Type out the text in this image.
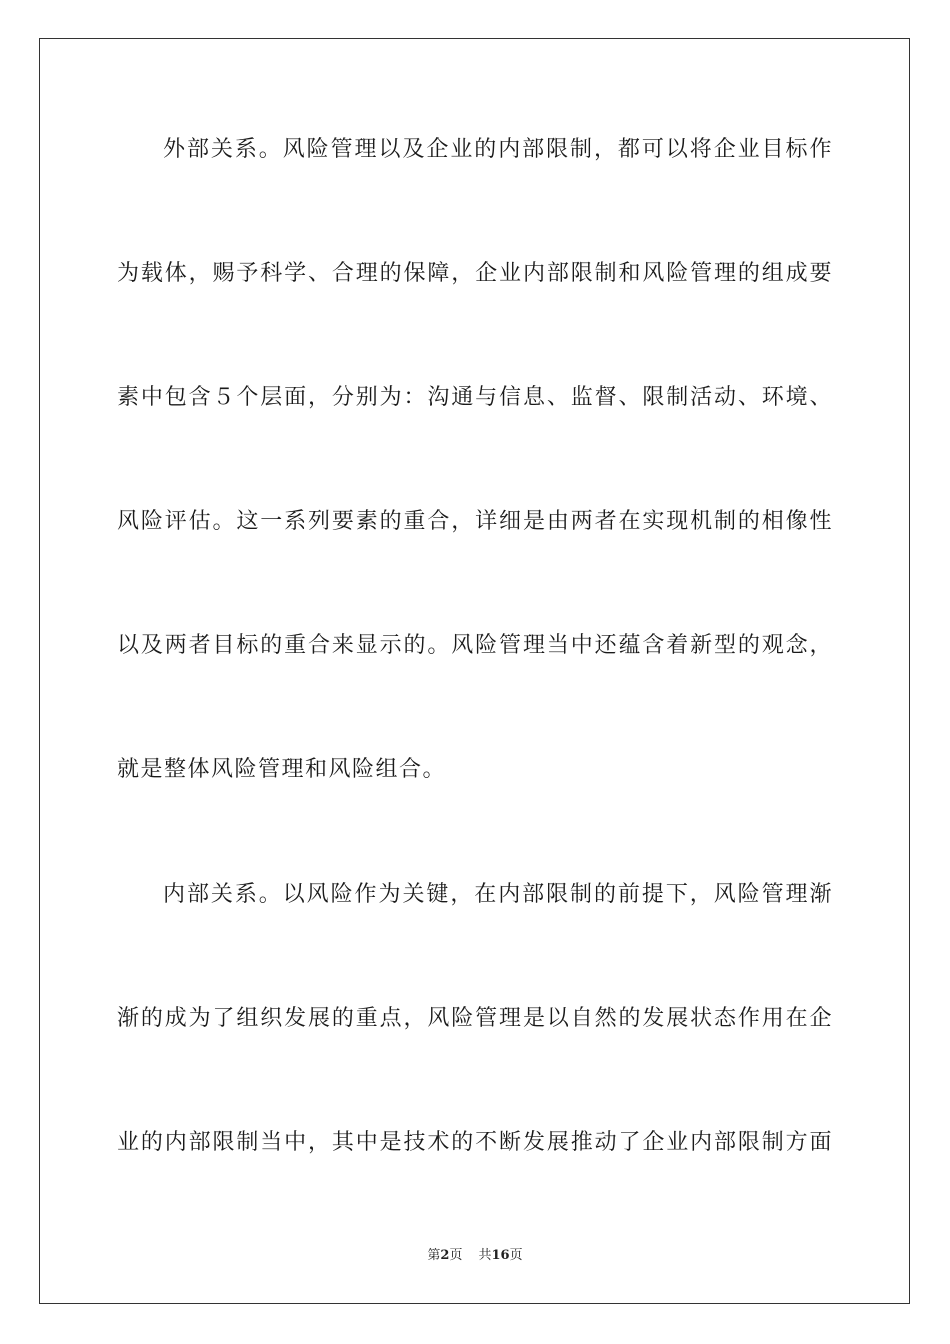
外部关系。风险管理以及企业的内部限制，都可以将企业目标作
为载体，赐予科学、合理的保障，企业内部限制和风险管理的组成要
素中包含５个层面，分别为：沟通与信息、监督、限制活动、环境、
风险评估。这一系列要素的重合，详细是由两者在实现机制的相像性
以及两者目标的重合来显示的。风险管理当中还蕴含着新型的观念，
就是整体风险管理和风险组合。
内部关系。以风险作为关键，在内部限制的前提下，风险管理渐
渐的成为了组织发展的重点，风险管理是以自然的发展状态作用在企
业的内部限制当中，其中是技术的不断发展推动了企业内部限制方面
第2页 共16页
